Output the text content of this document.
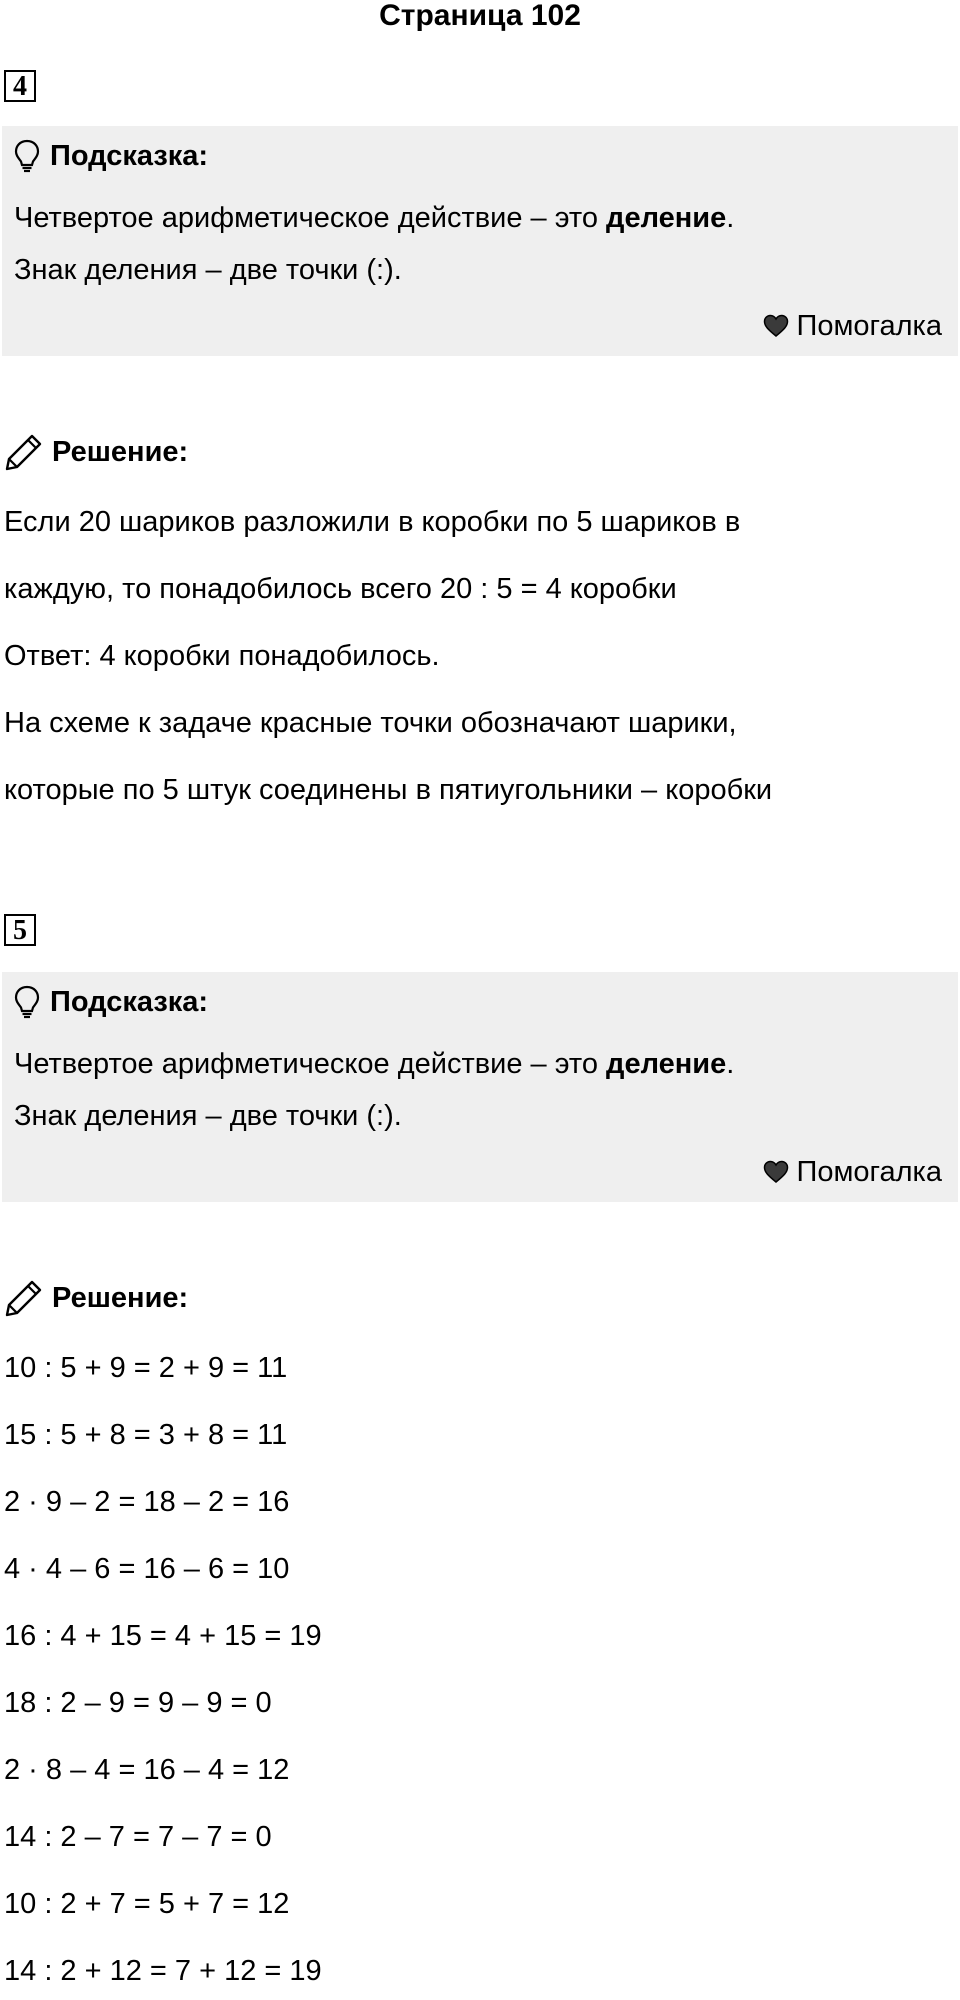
Страница 102
4
Подсказка:
Четвертое арифметическое действие – это деление.
Знак деления – две точки (:).
Помогалка
Решение:
Если 20 шариков разложили в коробки по 5 шариков в
каждую, то понадобилось всего 20 : 5 = 4 коробки
Ответ: 4 коробки понадобилось.
На схеме к задаче красные точки обозначают шарики,
которые по 5 штук соединены в пятиугольники – коробки
5
Подсказка:
Четвертое арифметическое действие – это деление.
Знак деления – две точки (:).
Помогалка
Решение:
10 : 5 + 9 = 2 + 9 = 11
15 : 5 + 8 = 3 + 8 = 11
2 · 9 – 2 = 18 – 2 = 16
4 · 4 – 6 = 16 – 6 = 10
16 : 4 + 15 = 4 + 15 = 19
18 : 2 – 9 = 9 – 9 = 0
2 · 8 – 4 = 16 – 4 = 12
14 : 2 – 7 = 7 – 7 = 0
10 : 2 + 7 = 5 + 7 = 12
14 : 2 + 12 = 7 + 12 = 19
